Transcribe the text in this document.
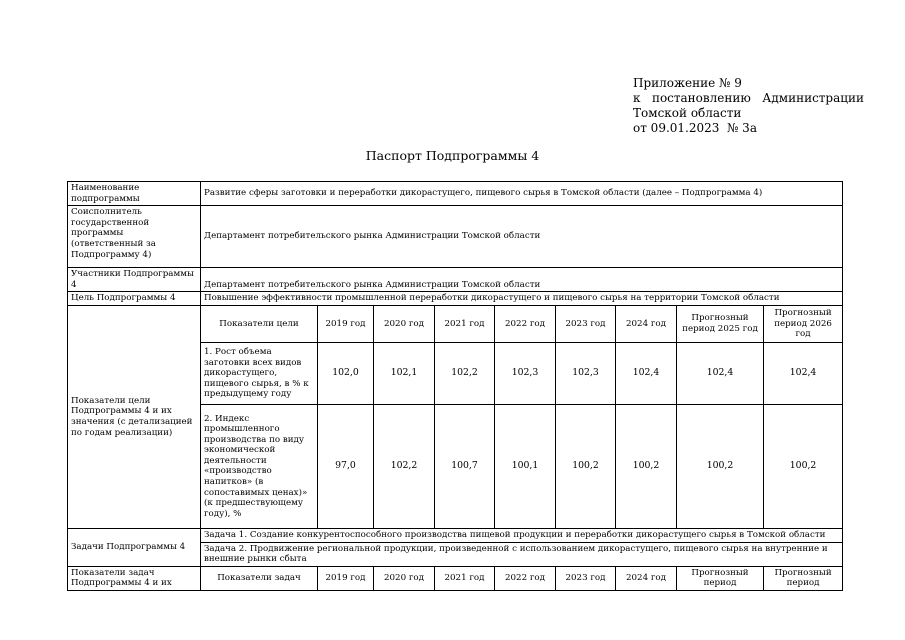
Приложение № 9
к   постановлению   Администрации
Томской области
от 09.01.2023  № 3а
Паспорт Подпрограммы 4
Наименование подпрограммы	Развитие сферы заготовки и переработки дикорастущего, пищевого сырья в Томской области (далее – Подпрограмма 4)								
Соисполнитель государственной программы (ответственный за Подпрограмму 4)	Департамент потребительского рынка Администрации Томской области								
Участники Подпрограммы 4	Департамент потребительского рынка Администрации Томской области								
Цель Подпрограммы 4	Повышение эффективности промышленной переработки дикорастущего и пищевого сырья на территории Томской области								
Показатели цели Подпрограммы 4 и их значения (с детализацией по годам реализации)	Показатели цели	2019 год	2020 год	2021 год	2022 год	2023 год	2024 год	Прогнозный период 2025 год	Прогнозный период 2026 год
	1. Рост объема заготовки всех видов дикорастущего, пищевого сырья, в % к предыдущему году	102,0	102,1	102,2	102,3	102,3	102,4	102,4	102,4
	2. Индекс промышленного производства по виду экономической деятельности «производство напитков» (в сопоставимых ценах)» (к предшествующему году), %	97,0	102,2	100,7	100,1	100,2	100,2	100,2	100,2
Задачи Подпрограммы 4	Задача 1. Создание конкурентоспособного производства пищевой продукции и переработки дикорастущего сырья в Томской области								
	Задача 2. Продвижение региональной продукции, произведенной с использованием дикорастущего, пищевого сырья на внутренние и внешние рынки сбыта								
Показатели задач Подпрограммы 4 и их	Показатели задач	2019 год	2020 год	2021 год	2022 год	2023 год	2024 год	Прогнозный период	Прогнозный период
